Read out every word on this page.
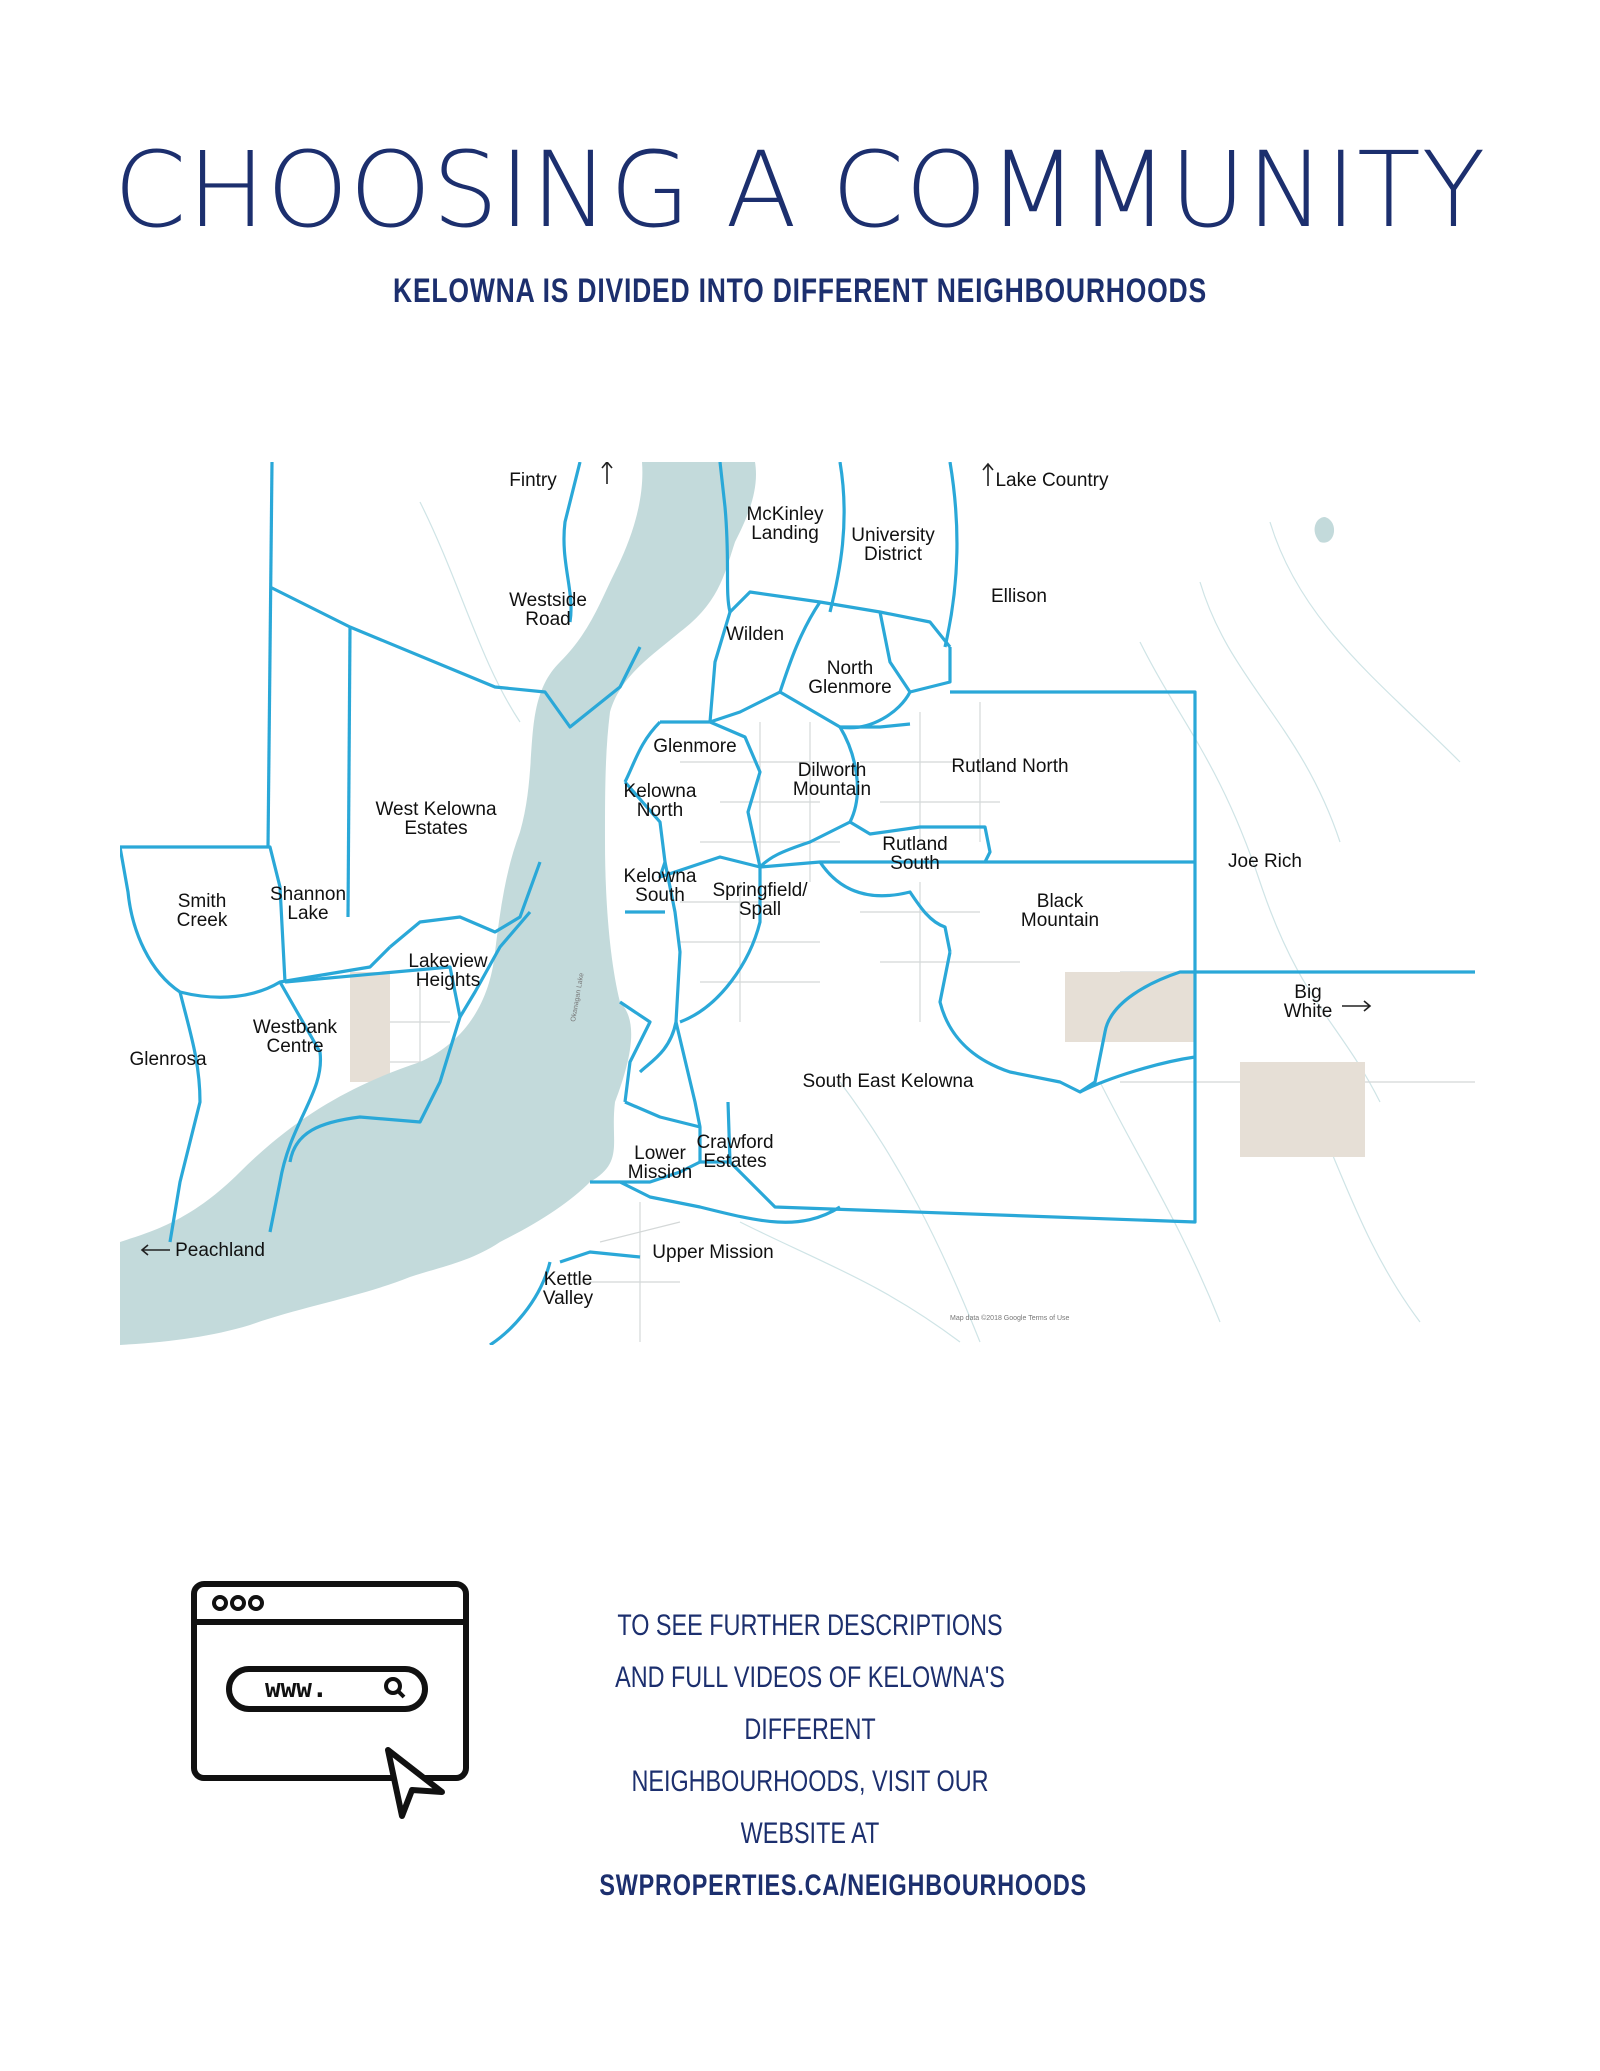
CHOOSING A COMMUNITY
KELOWNA IS DIVIDED INTO DIFFERENT NEIGHBOURHOODS
Okanagan Lake
Fintry	Lake Country
Peachland
Big
White
McKinley
Landing University
District
Westside
Road
Ellison
Wilden
North
Glenmore
Glenmore
Dilworth
Mountain
Rutland North
West Kelowna
Estates
Kelowna
North
Rutland
South	Joe Rich
Smith
Creek
Shannon
Lake
Kelowna
South Springfield/
Spall	Black
Mountain
Lakeview
Heights
Westbank
Centre
Glenrosa
South East Kelowna
Crawford
Estates
Lower
Mission
Upper Mission
Kettle
Valley
Map data ©2018 Google Terms of Use
www.
TO SEE FURTHER DESCRIPTIONS AND FULL VIDEOS OF KELOWNA'S DIFFERENT
NEIGHBOURHOODS, VISIT OUR WEBSITE AT
SWPROPERTIES.CA/NEIGHBOURHOODS
